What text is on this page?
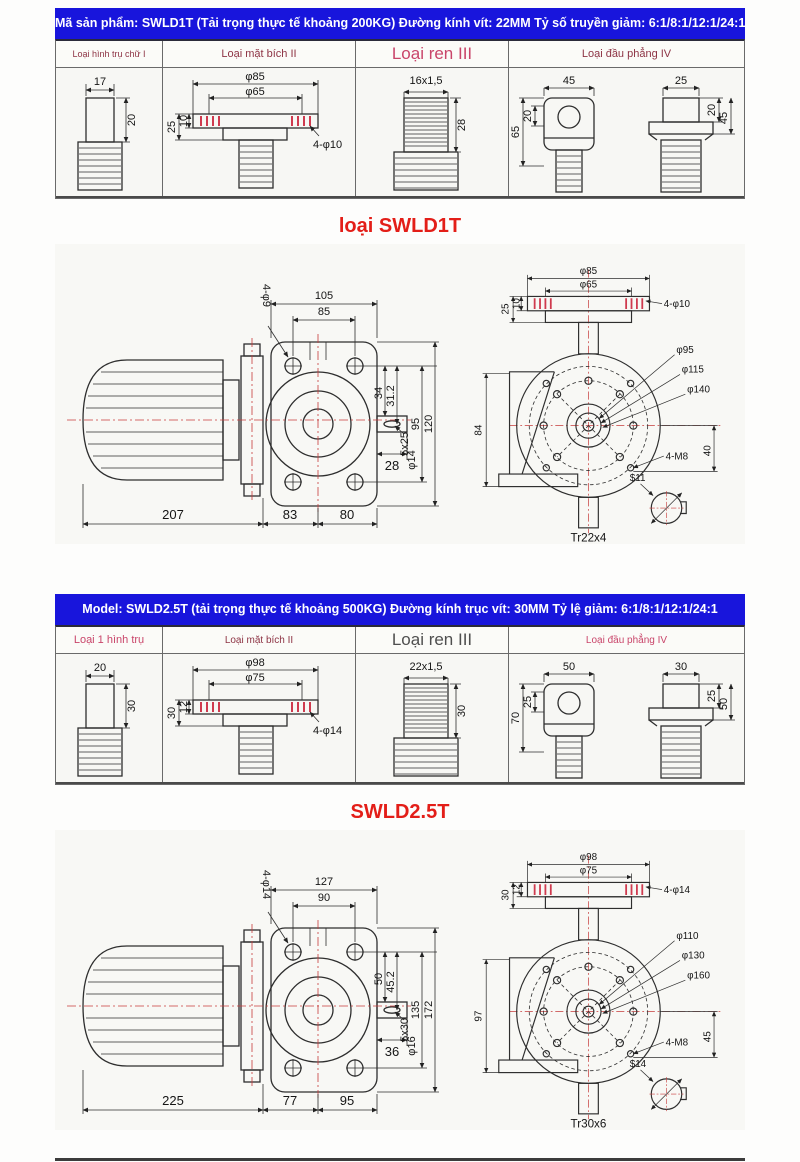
Mã sản phẩm: SWLD1T (Tải trọng thực tế khoảng 200KG) Đường kính vít: 22MM Tỷ số truyền giảm: 6:1/8:1/12:1/24:1
Loại hình trụ chữ I	Loại mặt bích II	Loại ren III	Loại đầu phẳng IV
17
20
φ85
φ65
25 10
4-φ10
16x1,5
28
45
65
20
25
20
45
loại SWLD1T
105
85
4-φ9
34 31.2
5x25
95 120
φ14
28
207	83	80
φ85
φ65
25 10	4-φ10
84
φ95
φ115
φ140
40
4-M8
$11
Tr22x4
Model: SWLD2.5T (tải trọng thực tế khoảng 500KG) Đường kính trục vít: 30MM Tỷ lệ giảm: 6:1/8:1/12:1/24:1
Loại 1 hình trụ	Loại mặt bích II	Loại ren III	Loại đầu phẳng IV
20
30
φ98
φ75
30 12
4-φ14
22x1,5
30
50
70
25
30
25
50
SWLD2.5T
127
90
4-φ14
50 45.2
5x30
135 172
φ16
36
225	77	95
φ98
φ75
30 12	4-φ14
97
φ110
φ130
φ160
45
4-M8
$14
Tr30x6
